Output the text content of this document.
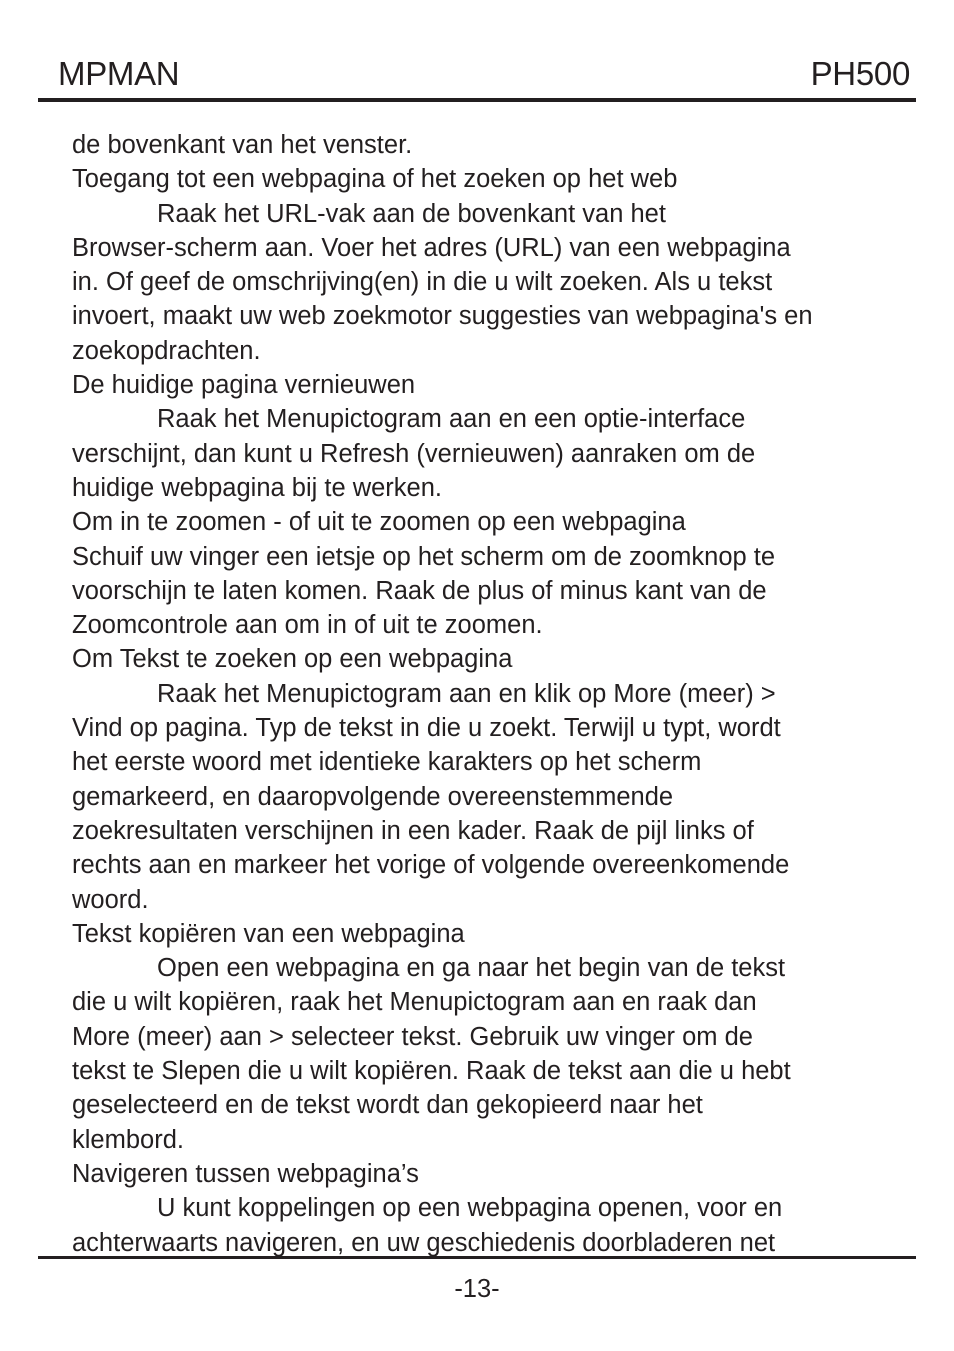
MPMAN	PH500
de bovenkant van het venster.
Toegang tot een webpagina of het zoeken op het web
Raak het URL-vak aan de bovenkant van het
Browser-scherm aan. Voer het adres (URL) van een webpagina
in. Of geef de omschrijving(en) in die u wilt zoeken. Als u tekst
invoert, maakt uw web zoekmotor suggesties van webpagina's en
zoekopdrachten.
De huidige pagina vernieuwen
Raak het Menupictogram aan en een optie-interface
verschijnt, dan kunt u Refresh (vernieuwen) aanraken om de
huidige webpagina bij te werken.
Om in te zoomen - of uit te zoomen op een webpagina
Schuif uw vinger een ietsje op het scherm om de zoomknop te
voorschijn te laten komen. Raak de plus of minus kant van de
Zoomcontrole aan om in of uit te zoomen.
Om Tekst te zoeken op een webpagina
Raak het Menupictogram aan en klik op More (meer) >
Vind op pagina. Typ de tekst in die u zoekt. Terwijl u typt, wordt
het eerste woord met identieke karakters op het scherm
gemarkeerd, en daaropvolgende overeenstemmende
zoekresultaten verschijnen in een kader. Raak de pijl links of
rechts aan en markeer het vorige of volgende overeenkomende
woord.
Tekst kopiëren van een webpagina
Open een webpagina en ga naar het begin van de tekst
die u wilt kopiëren, raak het Menupictogram aan en raak dan
More (meer) aan > selecteer tekst. Gebruik uw vinger om de
tekst te Slepen die u wilt kopiëren. Raak de tekst aan die u hebt
geselecteerd en de tekst wordt dan gekopieerd naar het
klembord.
Navigeren tussen webpagina’s
U kunt koppelingen op een webpagina openen, voor en
achterwaarts navigeren, en uw geschiedenis doorbladeren net
-13-
